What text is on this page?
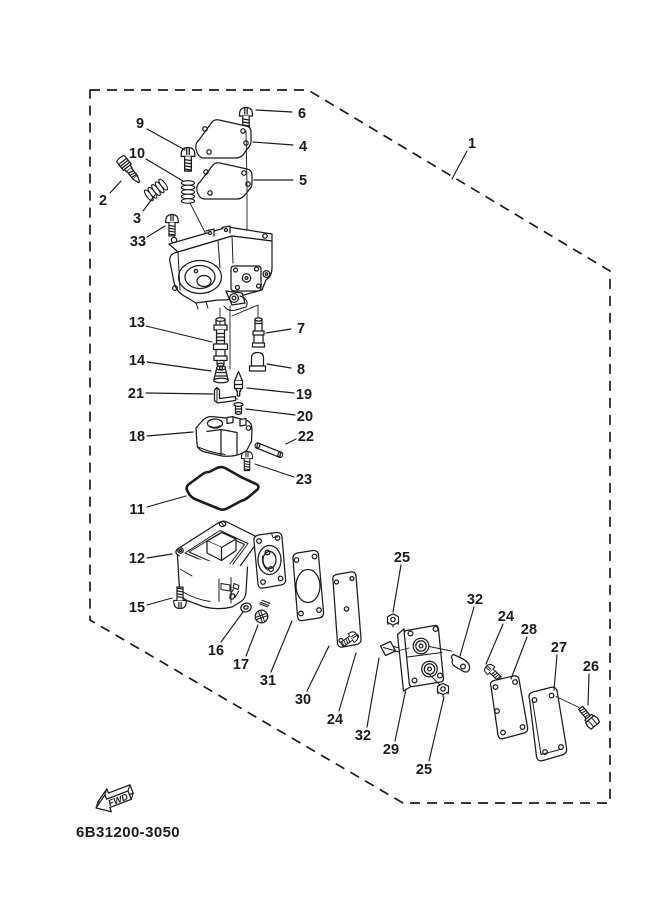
FWD
1
2
3
4
5
6
7
8
9
10
11
12
13
14
15
16
17
18
19
20
21
22
23
24
24
25
25
26
27
28
29
30
31
32
32
33
6B31200-3050
